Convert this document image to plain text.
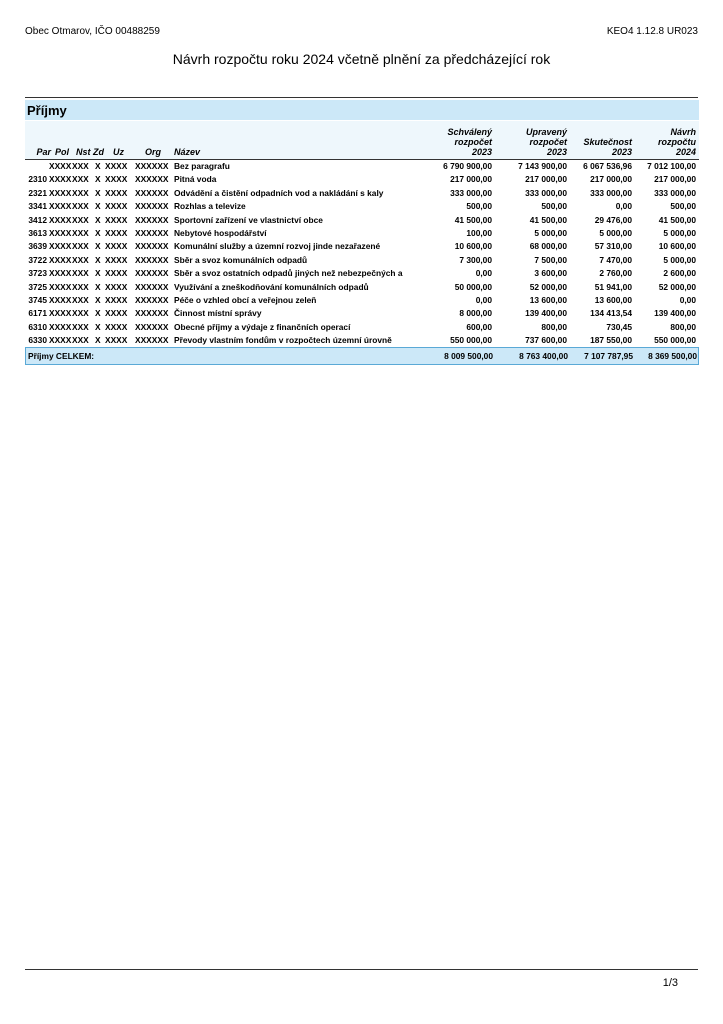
Obec Otmarov, IČO 00488259	KEO4 1.12.8 UR023
Návrh rozpočtu roku 2024 včetně plnění za předcházející rok
Příjmy
Par Pol Nst Zd Uz Org Název
Schválený
rozpočet
2023
Upravený
rozpočet
2023
Skutečnost
2023
Návrh
rozpočtu
2024
XXXX XXX X XXXX XXXXXX Bez paragrafu	6 790 900,00	7 143 900,00	6 067 536,96	7 012 100,00
2310 XXXX XXX X XXXX XXXXXX Pitná voda	217 000,00	217 000,00	217 000,00	217 000,00
2321 XXXX XXX X XXXX XXXXXX Odvádění a čistění odpadních vod a nakládání s kaly	333 000,00	333 000,00	333 000,00	333 000,00
3341 XXXX XXX X XXXX XXXXXX Rozhlas a televize	500,00	500,00	0,00	500,00
3412 XXXX XXX X XXXX XXXXXX Sportovní zařízení ve vlastnictví obce	41 500,00	41 500,00	29 476,00	41 500,00
3613 XXXX XXX X XXXX XXXXXX Nebytové hospodářství	100,00	5 000,00	5 000,00	5 000,00
3639 XXXX XXX X XXXX XXXXXX Komunální služby a územní rozvoj jinde nezařazené	10 600,00	68 000,00	57 310,00	10 600,00
3722 XXXX XXX X XXXX XXXXXX Sběr a svoz komunálních odpadů	7 300,00	7 500,00	7 470,00	5 000,00
3723 XXXX XXX X XXXX XXXXXX Sběr a svoz ostatních odpadů jiných než nebezpečných a	0,00	3 600,00	2 760,00	2 600,00
3725 XXXX XXX X XXXX XXXXXX Využívání a zneškodňování komunálních odpadů	50 000,00	52 000,00	51 941,00	52 000,00
3745 XXXX XXX X XXXX XXXXXX Péče o vzhled obcí a veřejnou zeleň	0,00	13 600,00	13 600,00	0,00
6171 XXXX XXX X XXXX XXXXXX Činnost místní správy	8 000,00	139 400,00	134 413,54	139 400,00
6310 XXXX XXX X XXXX XXXXXX Obecné příjmy a výdaje z finančních operací	600,00	800,00	730,45	800,00
6330 XXXX XXX X XXXX XXXXXX Převody vlastním fondům v rozpočtech územní úrovně	550 000,00	737 600,00	187 550,00	550 000,00
Příjmy CELKEM:	8 009 500,00	8 763 400,00	7 107 787,95	8 369 500,00
1/3
